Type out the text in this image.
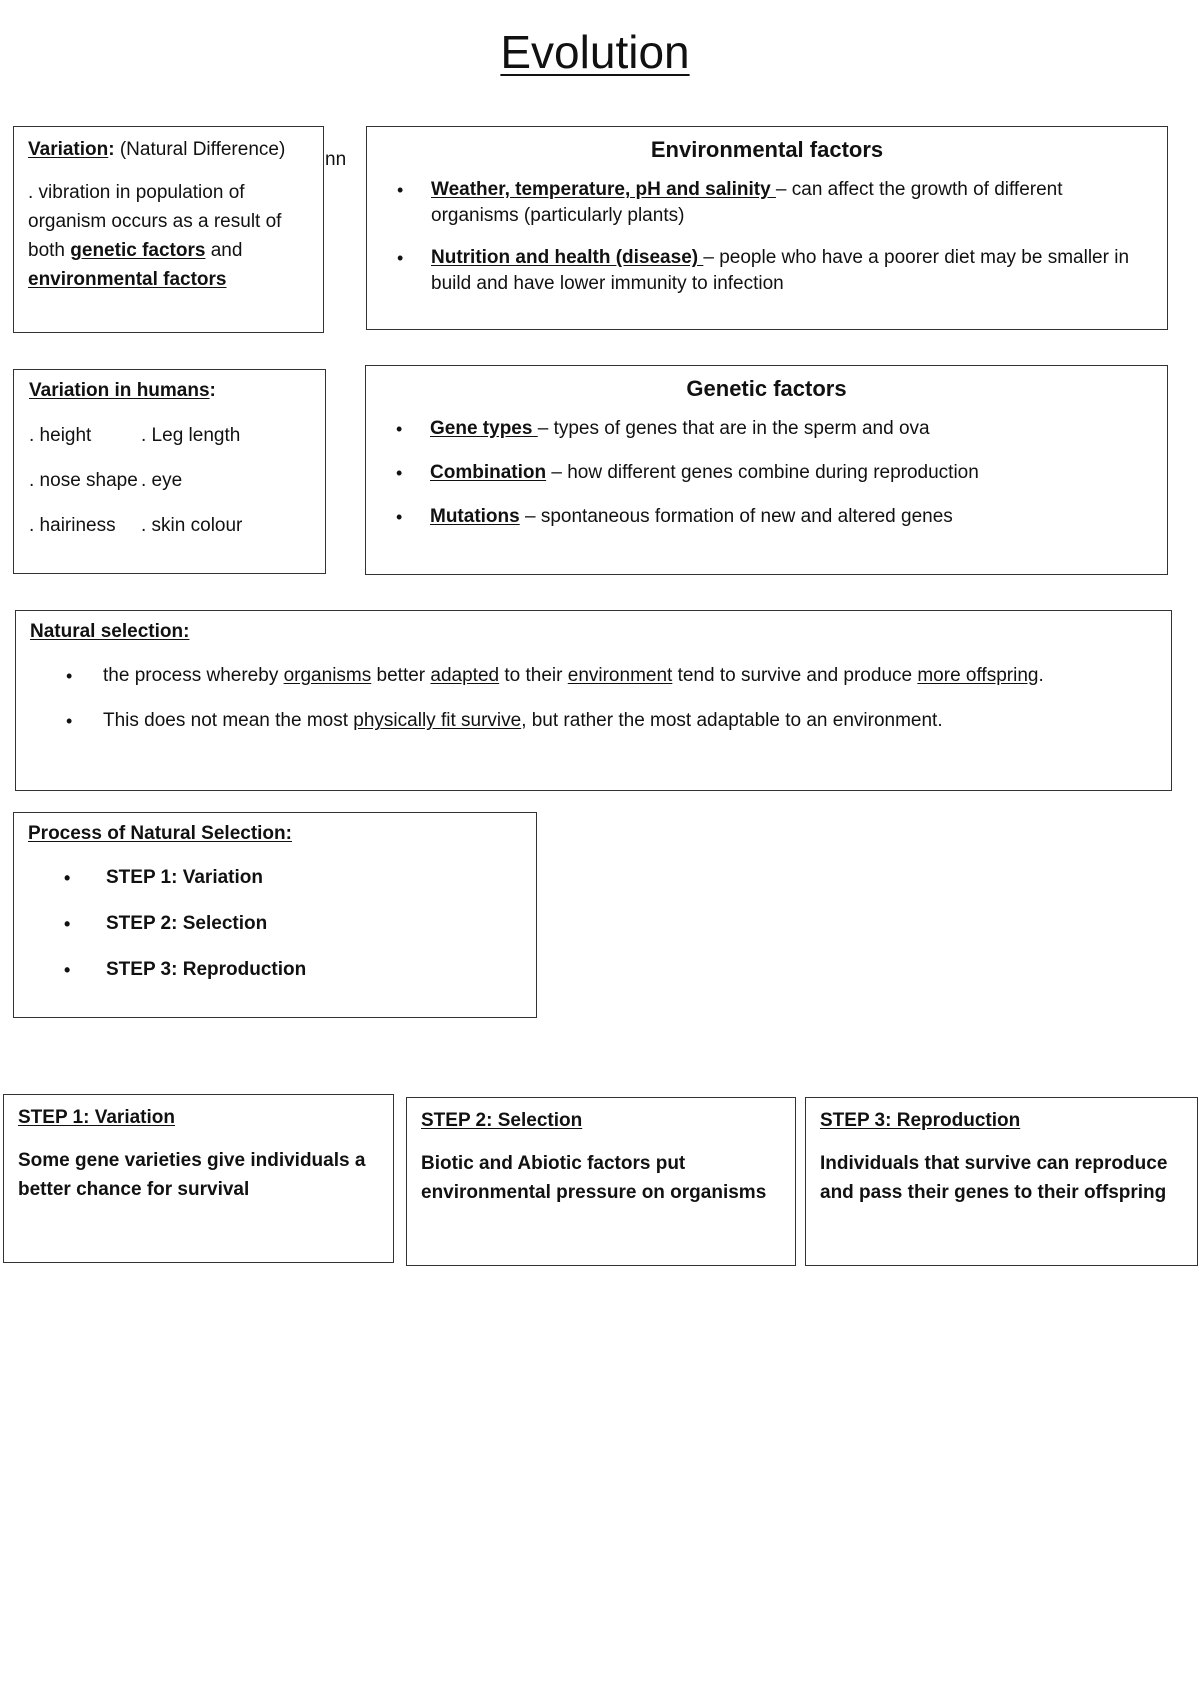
Evolution
Variation: (Natural Difference)

. vibration in population of organism occurs as a result of both genetic factors and environmental factors

nn	Environmental factors
• Weather, temperature, pH and salinity – can affect the growth of different organisms (particularly plants)
• Nutrition and health (disease) – people who have a poorer diet may be smaller in build and have lower immunity to infection
Variation in humans:
. height	. Leg length
. nose shape . eye
. hairiness	. skin colour
Genetic factors
• Gene types – types of genes that are in the sperm and ova
• Combination – how different genes combine during reproduction
• Mutations – spontaneous formation of new and altered genes
Natural selection:
• the process whereby organisms better adapted to their environment tend to survive and produce more offspring.
• This does not mean the most physically fit survive, but rather the most adaptable to an environment.
Process of Natural Selection:
• STEP 1: Variation
• STEP 2: Selection
• STEP 3: Reproduction
STEP 1: Variation

Some gene varieties give individuals a better chance for survival

STEP 2: Selection

Biotic and Abiotic factors put environmental pressure on organisms

STEP 3: Reproduction

Individuals that survive can reproduce and pass their genes to their offspring
